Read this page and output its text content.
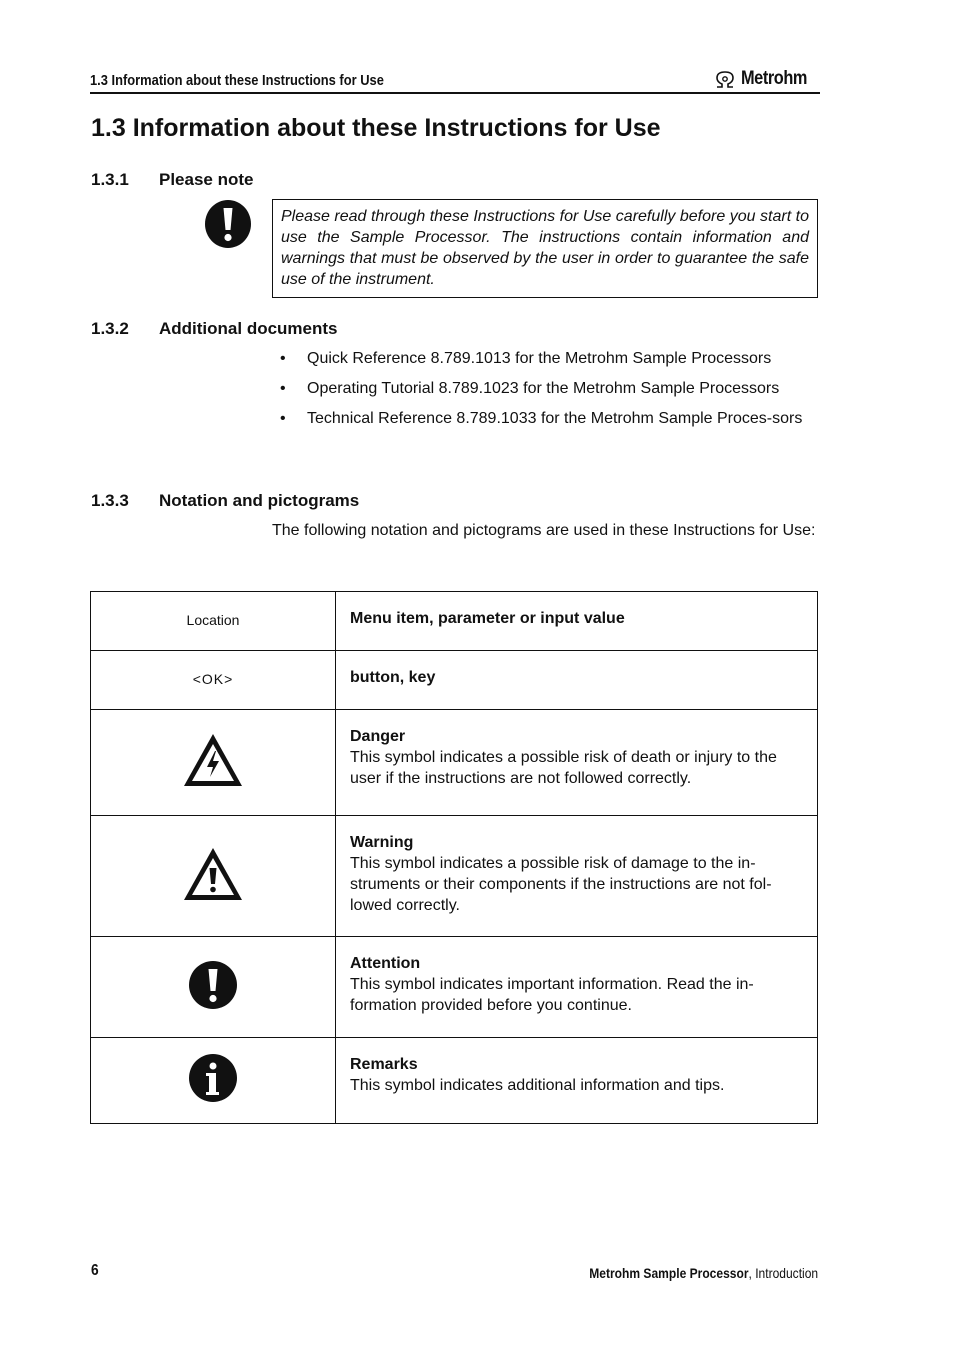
1.3 Information about these Instructions for Use	Metrohm
1.3 Information about these Instructions for Use
1.3.1 Please note
Please read through these Instructions for Use carefully before you start to use the Sample Processor. The instructions contain information and warnings that must be observed by the user in order to guarantee the safe use of the instrument.
1.3.2 Additional documents
• Quick Reference 8.789.1013 for the Metrohm Sample Processors
• Operating Tutorial 8.789.1023 for the Metrohm Sample Processors
• Technical Reference 8.789.1033 for the Metrohm Sample Proces-sors
1.3.3 Notation and pictograms
The following notation and pictograms are used in these Instructions for Use:
Location	Menu item, parameter or input value

<OK>	button, key

Danger
This symbol indicates a possible risk of death or injury to the user if the instructions are not followed correctly.

Warning
This symbol indicates a possible risk of damage to the in-struments or their components if the instructions are not fol-lowed correctly.

Attention
This symbol indicates important information. Read the in-formation provided before you continue.

Remarks
This symbol indicates additional information and tips.
6	Metrohm Sample Processor, Introduction
